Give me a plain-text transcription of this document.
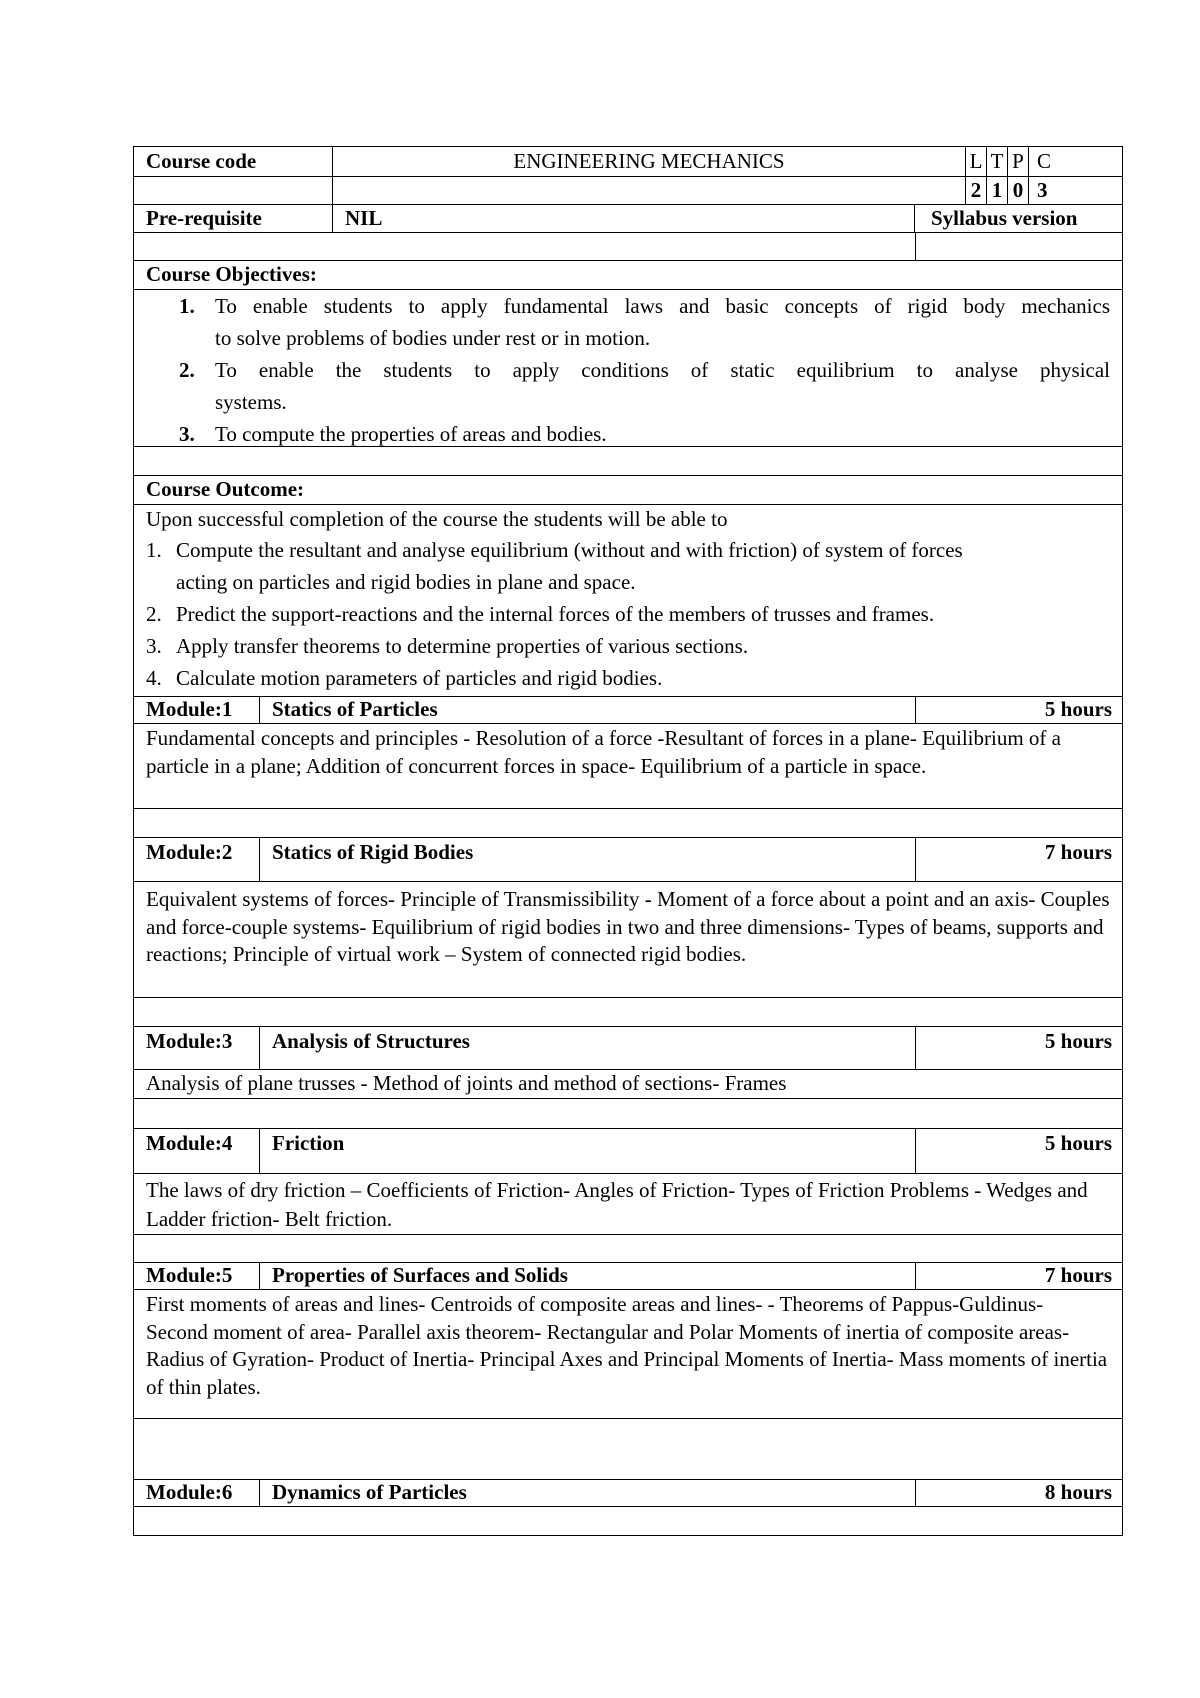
Course code	ENGINEERING MECHANICS	L T P C
2 1 0 3
Pre-requisite	NIL	Syllabus version
Course Objectives:
1. To enable students to apply fundamental laws and basic concepts of rigid body mechanics
to solve problems of bodies under rest or in motion.
2. To enable the students to apply conditions of static equilibrium to analyse physical
systems.
3. To compute the properties of areas and bodies.
Course Outcome:
Upon successful completion of the course the students will be able to
1. Compute the resultant and analyse equilibrium (without and with friction) of system of forces
acting on particles and rigid bodies in plane and space.
2. Predict the support-reactions and the internal forces of the members of trusses and frames.
3. Apply transfer theorems to determine properties of various sections.
4. Calculate motion parameters of particles and rigid bodies.
Module:1 Statics of Particles	5 hours
Fundamental concepts and principles - Resolution of a force -Resultant of forces in a plane- Equilibrium of a particle in a plane; Addition of concurrent forces in space- Equilibrium of a particle in space.
Module:2 Statics of Rigid Bodies	7 hours
Equivalent systems of forces- Principle of Transmissibility - Moment of a force about a point and an axis- Couples and force-couple systems- Equilibrium of rigid bodies in two and three dimensions- Types of beams, supports and reactions; Principle of virtual work – System of connected rigid bodies.
Module:3 Analysis of Structures	5 hours
Analysis of plane trusses - Method of joints and method of sections- Frames
Module:4 Friction	5 hours
The laws of dry friction – Coefficients of Friction- Angles of Friction- Types of Friction Problems - Wedges and Ladder friction- Belt friction.
Module:5 Properties of Surfaces and Solids	7 hours
First moments of areas and lines- Centroids of composite areas and lines- - Theorems of Pappus-Guldinus- Second moment of area- Parallel axis theorem- Rectangular and Polar Moments of inertia of composite areas- Radius of Gyration- Product of Inertia- Principal Axes and Principal Moments of Inertia- Mass moments of inertia of thin plates.
Module:6 Dynamics of Particles	8 hours
